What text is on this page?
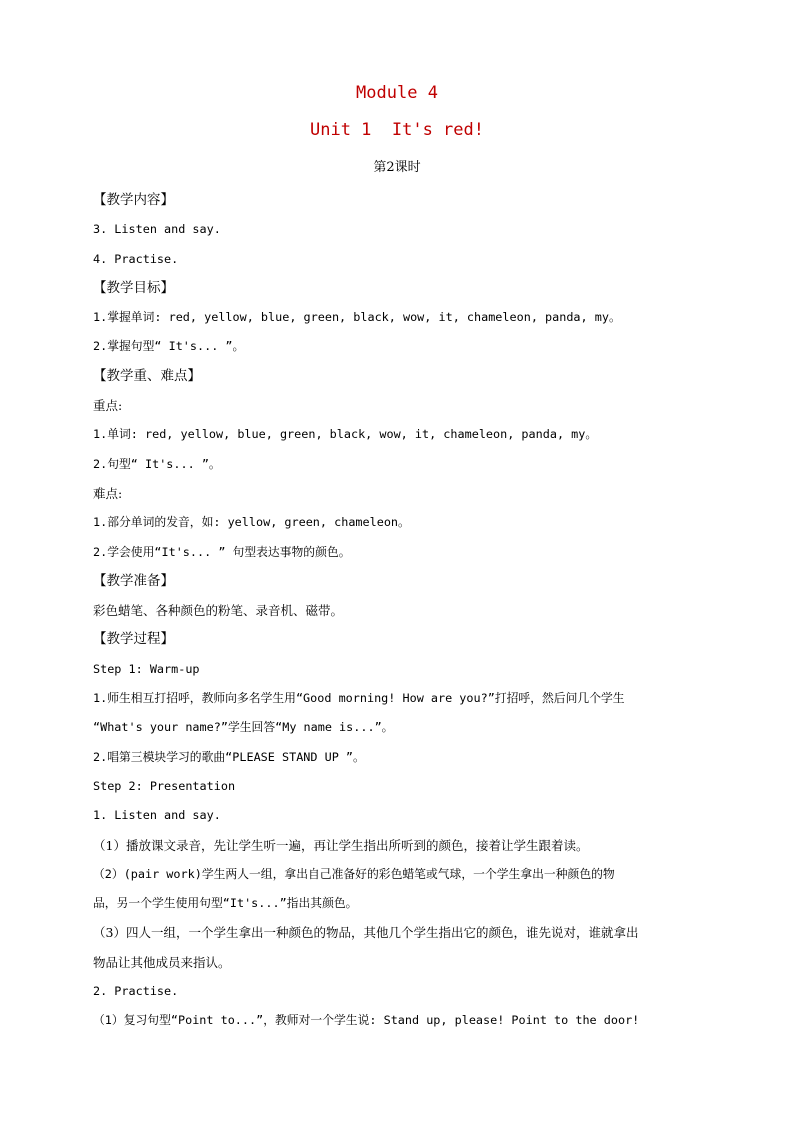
Module 4
Unit 1  It's red!
第2课时

【教学内容】

3. Listen and say.

4. Practise.

【教学目标】

1.掌握单词: red, yellow, blue, green, black, wow, it, chameleon, panda, my。

2.掌握句型“ It's... ”。

【教学重、难点】

重点:

1.单词: red, yellow, blue, green, black, wow, it, chameleon, panda, my。

2.句型“ It's... ”。

难点:

1.部分单词的发音，如: yellow, green, chameleon。

2.学会使用“It's... ” 句型表达事物的颜色。

【教学准备】

彩色蜡笔、各种颜色的粉笔、录音机、磁带。

【教学过程】

Step 1: Warm-up

1.师生相互打招呼，教师向多名学生用“Good morning! How are you?”打招呼，然后问几个学生

“What's your name?”学生回答“My name is...”。

2.唱第三模块学习的歌曲“PLEASE STAND UP ”。

Step 2: Presentation

1. Listen and say.

（1）播放课文录音，先让学生听一遍，再让学生指出所听到的颜色，接着让学生跟着读。

（2）(pair work)学生两人一组，拿出自己准备好的彩色蜡笔或气球，一个学生拿出一种颜色的物

品，另一个学生使用句型“It's...”指出其颜色。

（3）四人一组，一个学生拿出一种颜色的物品，其他几个学生指出它的颜色，谁先说对，谁就拿出

物品让其他成员来指认。

2. Practise.

（1）复习句型“Point to...”，教师对一个学生说: Stand up, please! Point to the door!
